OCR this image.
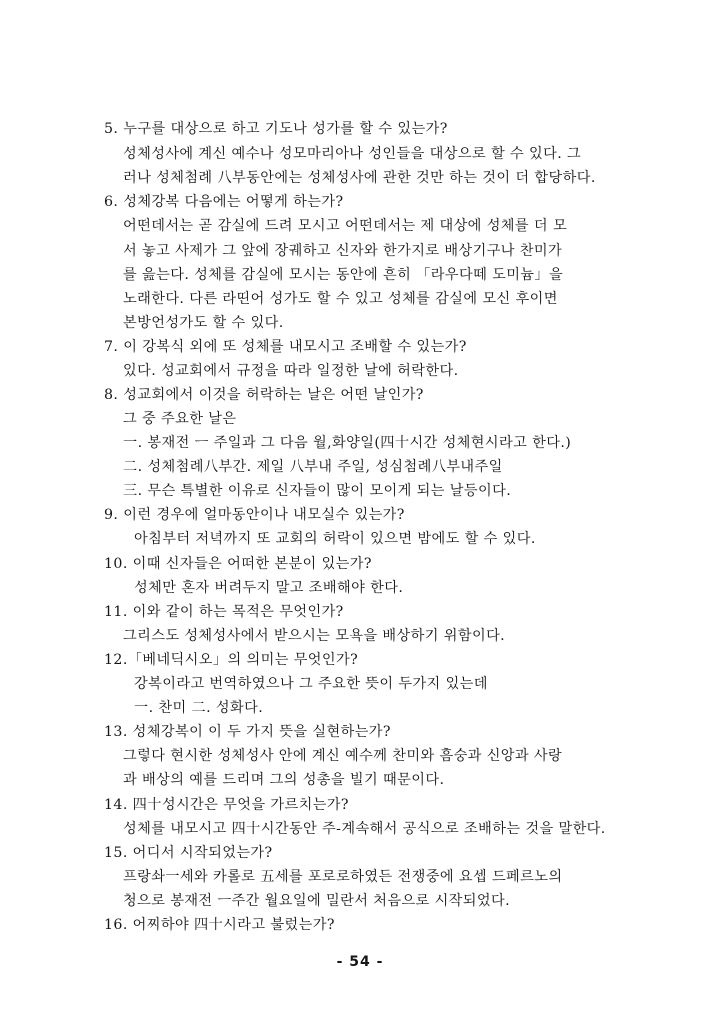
5. 누구를 대상으로 하고 기도나 성가를 할 수 있는가?
성체성사에 계신 예수나 성모마리아나 성인들을 대상으로 할 수 있다. 그
러나 성체첨례 八부동안에는 성체성사에 관한 것만 하는 것이 더 합당하다.
6. 성체강복 다음에는 어떻게 하는가?
어떤데서는 곧 감실에 드려 모시고 어떤데서는 제 대상에 성체를 더 모
서 놓고 사제가 그 앞에 장궤하고 신자와 한가지로 배상기구나 찬미가
를 읊는다. 성체를 감실에 모시는 동안에 흔히 「라우다떼 도미늄」을
노래한다. 다른 라띤어 성가도 할 수 있고 성체를 감실에 모신 후이면
본방언성가도 할 수 있다.
7. 이 강복식 외에 또 성체를 내모시고 조배할 수 있는가?
있다. 성교회에서 규정을 따라 일정한 날에 허락한다.
8. 성교회에서 이것을 허락하는 날은 어떤 날인가?
그 중 주요한 날은
一. 봉재전 ㅡ 주일과 그 다음 월,화양일(四十시간 성체현시라고 한다.)
二. 성체첨례八부간. 제일 八부내 주일, 성심첨례八부내주일
三. 무슨 특별한 이유로 신자들이 많이 모이게 되는 날등이다.
9. 이런 경우에 얼마동안이나 내모실수 있는가?
아침부터 저녁까지 또 교회의 허락이 있으면 밤에도 할 수 있다.
10. 이때 신자들은 어떠한 본분이 있는가?
성체만 혼자 버려두지 말고 조배해야 한다.
11. 이와 같이 하는 목적은 무엇인가?
그리스도 성체성사에서 받으시는 모욕을 배상하기 위함이다.
12.「베네딕시오」의 의미는 무엇인가?
강복이라고 번역하였으나 그 주요한 뜻이 두가지 있는데
一. 찬미 二. 성화다.
13. 성체강복이 이 두 가지 뜻을 실현하는가?
그렇다 현시한 성체성사 안에 계신 예수께 찬미와 흠숭과 신앙과 사랑
과 배상의 예를 드리며 그의 성총을 빌기 때문이다.
14. 四十성시간은 무엇을 가르치는가?
성체를 내모시고 四十시간동안 주-계속해서 공식으로 조배하는 것을 말한다.
15. 어디서 시작되었는가?
프랑솨一세와 카롤로 五세를 포로로하였든 전쟁중에 요셉 드페르노의
청으로 봉재전 ㅡ주간 월요일에 밀란서 처음으로 시작되었다.
16. 어찌하야 四十시라고 불렀는가?
- 54 -
